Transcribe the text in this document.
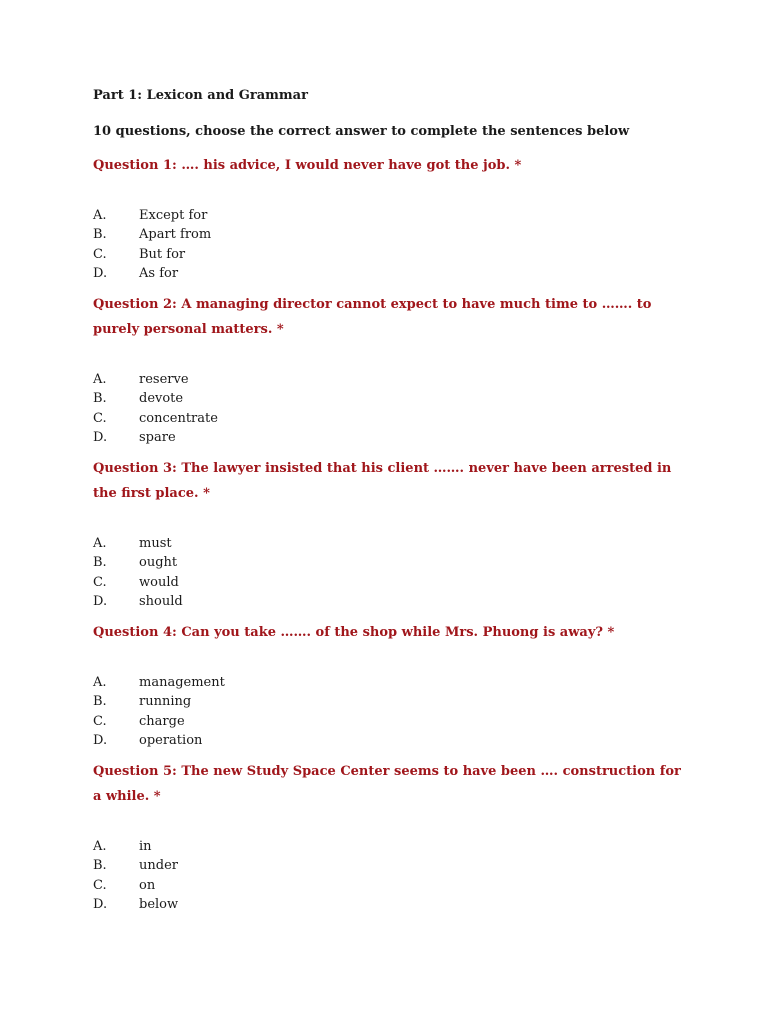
Part 1: Lexicon and Grammar
10 questions, choose the correct answer to complete the sentences below
Question 1: …. his advice, I would never have got the job. *
A. Except for
B. Apart from
C. But for
D. As for
Question 2: A managing director cannot expect to have much time to ……. to purely personal matters. *
A. reserve
B. devote
C. concentrate
D. spare
Question 3: The lawyer insisted that his client ……. never have been arrested in the first place. *
A. must
B. ought
C. would
D. should
Question 4: Can you take ……. of the shop while Mrs. Phuong is away? *
A. management
B. running
C. charge
D. operation
Question 5: The new Study Space Center seems to have been …. construction for a while. *
A. in
B. under
C. on
D. below
